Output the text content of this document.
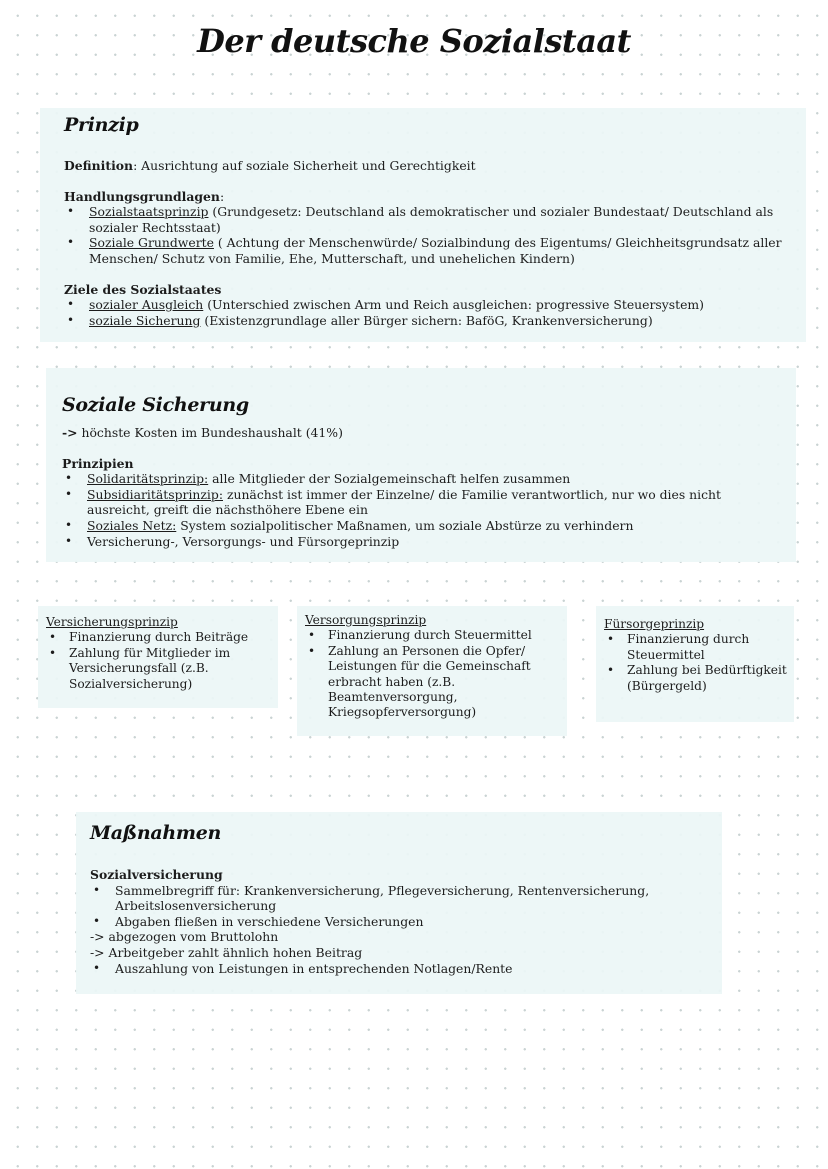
Der deutsche Sozialstaat
Prinzip
Definition: Ausrichtung auf soziale Sicherheit und Gerechtigkeit
Handlungsgrundlagen:
• Sozialstaatsprinzip (Grundgesetz: Deutschland als demokratischer und sozialer Bundestaat/ Deutschland als sozialer Rechtsstaat)
• Soziale Grundwerte ( Achtung der Menschenwürde/ Sozialbindung des Eigentums/ Gleichheitsgrundsatz aller Menschen/ Schutz von Familie, Ehe, Mutterschaft, und unehelichen Kindern)
Ziele des Sozialstaates
• sozialer Ausgleich (Unterschied zwischen Arm und Reich ausgleichen: progressive Steuersystem)
• soziale Sicherung (Existenzgrundlage aller Bürger sichern: BaföG, Krankenversicherung)
Soziale Sicherung
-> höchste Kosten im Bundeshaushalt (41%)
Prinzipien
• Solidaritätsprinzip: alle Mitglieder der Sozialgemeinschaft helfen zusammen
• Subsidiaritätsprinzip: zunächst ist immer der Einzelne/ die Familie verantwortlich, nur wo dies nicht ausreicht, greift die nächsthöhere Ebene ein
• Soziales Netz: System sozialpolitischer Maßnamen, um soziale Abstürze zu verhindern
• Versicherung-, Versorgungs- und Fürsorgeprinzip
Versicherungsprinzip
• Finanzierung durch Beiträge
• Zahlung für Mitglieder im Versicherungsfall (z.B. Sozialversicherung)
Versorgungsprinzip
• Finanzierung durch Steuermittel
• Zahlung an Personen die Opfer/ Leistungen für die Gemeinschaft erbracht haben (z.B. Beamtenversorgung, Kriegsopferversorgung)
Fürsorgeprinzip
• Finanzierung durch Steuermittel
• Zahlung bei Bedürftigkeit (Bürgergeld)
Maßnahmen
Sozialversicherung
• Sammelbregriff für: Krankenversicherung, Pflegeversicherung, Rentenversicherung, Arbeitslosenversicherung
• Abgaben fließen in verschiedene Versicherungen
-> abgezogen vom Bruttolohn
-> Arbeitgeber zahlt ähnlich hohen Beitrag
• Auszahlung von Leistungen in entsprechenden Notlagen/Rente
